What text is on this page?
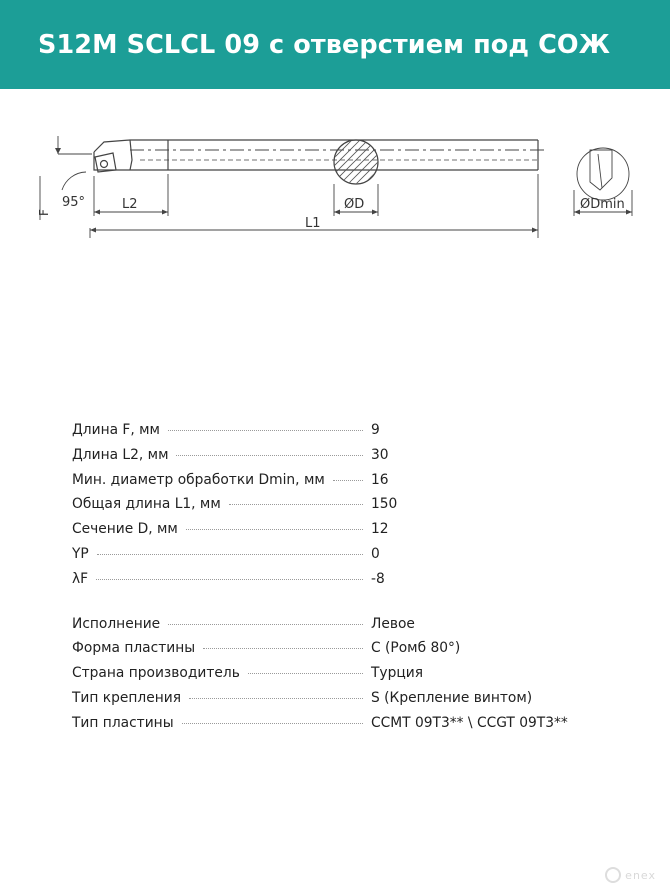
S12M SCLCL 09 с отверстием под СОЖ
F
95°	L2	ØD
L1
ØDmin
Длина F, мм	9
Длина L2, мм	30
Мин. диаметр обработки Dmin, мм	16
Общая длина L1, мм	150
Сечение D, мм	12
YP	0
λF	-8
Исполнение	Левое
Форма пластины	C (Ромб 80°)
Страна производитель	Турция
Тип крепления	S (Крепление винтом)
Тип пластины	CCMT 09T3** \ CCGT 09T3**
enex
